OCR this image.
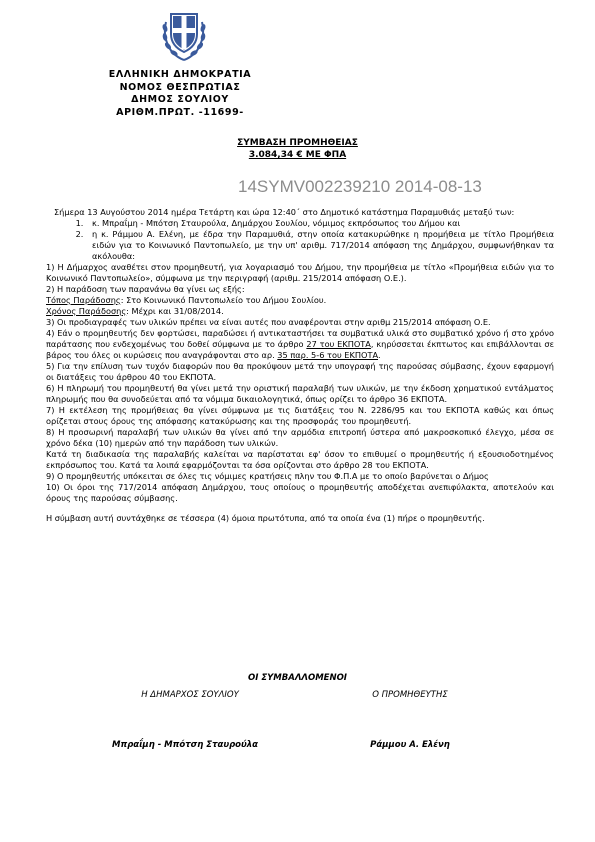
ΕΛΛΗΝΙΚΗ ΔΗΜΟΚΡΑΤΙΑ
ΝΟΜΟΣ ΘΕΣΠΡΩΤΙΑΣ
ΔΗΜΟΣ ΣΟΥΛΙΟΥ
ΑΡΙΘΜ.ΠΡΩΤ. -11699-
ΣΥΜΒΑΣΗ ΠΡΟΜΗΘΕΙΑΣ
3.084,34 € ΜΕ ΦΠΑ
14SYMV002239210 2014-08-13

Σήμερα 13 Αυγούστου 2014 ημέρα Τετάρτη και ώρα 12:40΄ στο Δημοτικό κατάστημα Παραμυθιάς μεταξύ των:

1. κ. Μπραΐμη - Μπότση Σταυρούλα, Δημάρχου Σουλίου, νόμιμος εκπρόσωπος του Δήμου και
2. η κ. Ράμμου Α. Ελένη, με έδρα την Παραμυθιά, στην οποία κατακυρώθηκε η προμήθεια με τίτλο Προμήθεια ειδών για το Κοινωνικό Παντοπωλείο, με την υπ' αριθμ. 717/2014 απόφαση της Δημάρχου, συμφωνήθηκαν τα ακόλουθα:

1) Η Δήμαρχος αναθέτει στον προμηθευτή, για λογαριασμό του Δήμου, την προμήθεια με τίτλο «Προμήθεια ειδών για το Κοινωνικό Παντοπωλείο», σύμφωνα με την περιγραφή (αριθμ. 215/2014 απόφαση Ο.Ε.).

2) Η παράδοση των παρανάνω θα γίνει ως εξής:

Τόπος Παράδοσης: Στο Κοινωνικό Παντοπωλείο του Δήμου Σουλίου.

Χρόνος Παράδοσης: Μέχρι και 31/08/2014.

3) Οι προδιαγραφές των υλικών πρέπει να είναι αυτές που αναφέρονται στην αριθμ 215/2014 απόφαση Ο.Ε.

4) Εάν ο προμηθευτής δεν φορτώσει, παραδώσει ή αντικαταστήσει τα συμβατικά υλικά στο συμβατικό χρόνο ή στο χρόνο παράτασης που ενδεχομένως του δοθεί σύμφωνα με το άρθρο 27 του ΕΚΠΟΤΑ, κηρύσσεται έκπτωτος και επιβάλλονται σε βάρος του όλες οι κυρώσεις που αναγράφονται στο αρ. 35 παρ. 5-6 του ΕΚΠΟΤΑ.

5) Για την επίλυση των τυχόν διαφορών που θα προκύψουν μετά την υπογραφή της παρούσας σύμβασης, έχουν εφαρμογή οι διατάξεις του άρθρου 40 του ΕΚΠΟΤΑ.

6) Η πληρωμή του προμηθευτή θα γίνει μετά την οριστική παραλαβή των υλικών, με την έκδοση χρηματικού εντάλματος πληρωμής που θα συνοδεύεται από τα νόμιμα δικαιολογητικά, όπως ορίζει το άρθρο 36 ΕΚΠΟΤΑ.

7) Η εκτέλεση της προμήθειας θα γίνει σύμφωνα με τις διατάξεις του Ν. 2286/95 και του ΕΚΠΟΤΑ καθώς και όπως ορίζεται στους όρους της απόφασης κατακύρωσης και της προσφοράς του προμηθευτή.

8) Η προσωρινή παραλαβή των υλικών θα γίνει από την αρμόδια επιτροπή ύστερα από μακροσκοπικό έλεγχο, μέσα σε χρόνο δέκα (10) ημερών από την παράδοση των υλικών.

Κατά τη διαδικασία της παραλαβής καλείται να παρίσταται εφ' όσον το επιθυμεί ο προμηθευτής ή εξουσιοδοτημένος εκπρόσωπος του. Κατά τα λοιπά εφαρμόζονται τα όσα ορίζονται στο άρθρο 28 του ΕΚΠΟΤΑ.

9) Ο προμηθευτής υπόκειται σε όλες τις νόμιμες κρατήσεις πλην του Φ.Π.Α με το οποίο βαρύνεται ο Δήμος

10) Οι όροι της 717/2014 απόφαση Δημάρχου, τους οποίους ο προμηθευτής αποδέχεται ανεπιφύλακτα, αποτελούν και όρους της παρούσας σύμβασης.

Η σύμβαση αυτή συντάχθηκε σε τέσσερα (4) όμοια πρωτότυπα, από τα οποία ένα (1) πήρε ο προμηθευτής.

ΟΙ ΣΥΜΒΑΛΛΟΜΕΝΟΙ
Η ΔΗΜΑΡΧΟΣ ΣΟΥΛΙΟΥ	Ο ΠΡΟΜΗΘΕΥΤΗΣ
Μπραΐμη - Μπότση Σταυρούλα	Ράμμου Α. Ελένη
